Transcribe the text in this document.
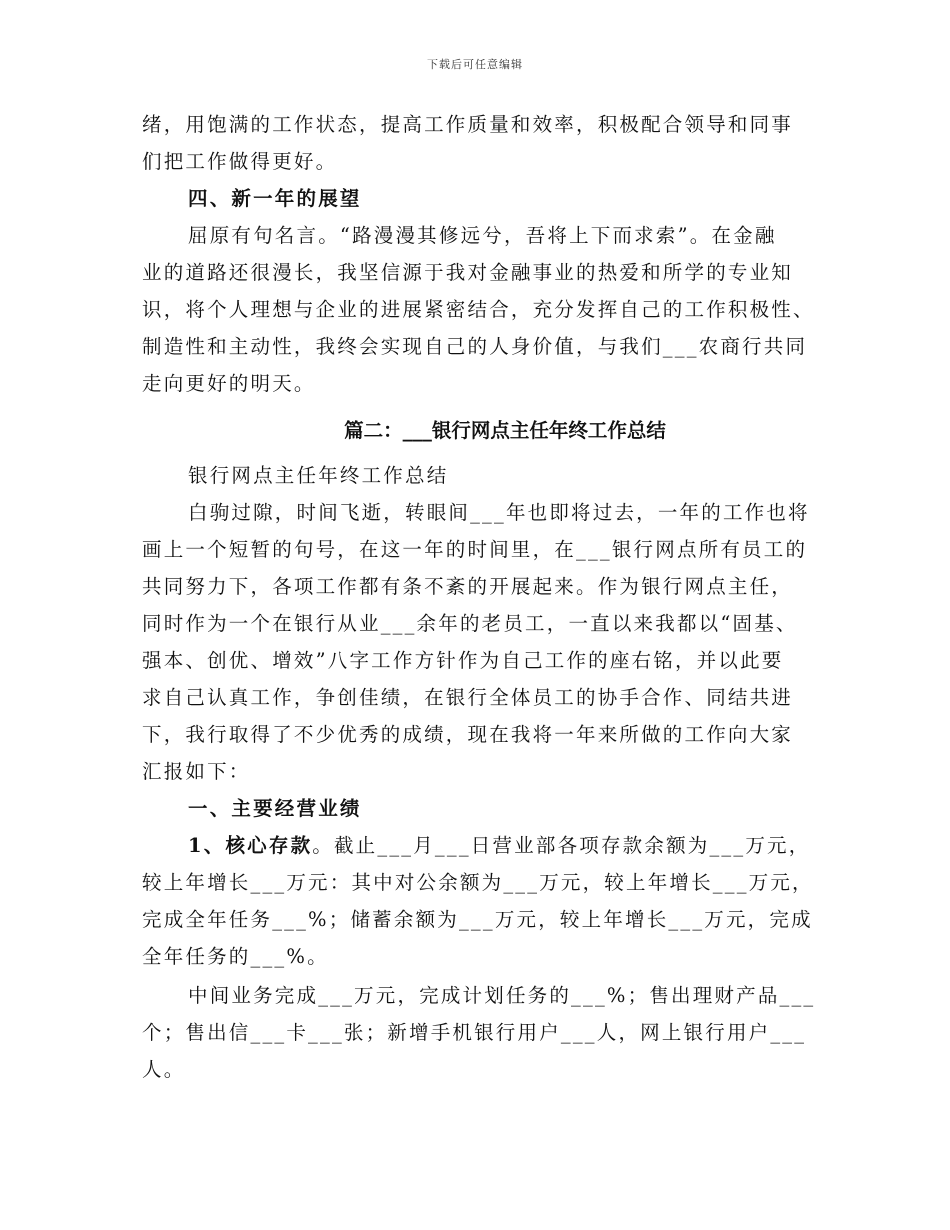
下载后可任意编辑
绪，用饱满的工作状态，提高工作质量和效率，积极配合领导和同事
们把工作做得更好。
四、新一年的展望
屈原有句名言。“路漫漫其修远兮，吾将上下而求索”。在金融
业的道路还很漫长，我坚信源于我对金融事业的热爱和所学的专业知
识，将个人理想与企业的进展紧密结合，充分发挥自己的工作积极性、
制造性和主动性，我终会实现自己的人身价值，与我们___农商行共同
走向更好的明天。
篇二：___银行网点主任年终工作总结
银行网点主任年终工作总结
白驹过隙，时间飞逝，转眼间___年也即将过去，一年的工作也将
画上一个短暂的句号，在这一年的时间里，在___银行网点所有员工的
共同努力下，各项工作都有条不紊的开展起来。作为银行网点主任，
同时作为一个在银行从业___余年的老员工，一直以来我都以“固基、
强本、创优、增效”八字工作方针作为自己工作的座右铭，并以此要
求自己认真工作，争创佳绩，在银行全体员工的协手合作、同结共进
下，我行取得了不少优秀的成绩，现在我将一年来所做的工作向大家
汇报如下：
一、主要经营业绩
1、核心存款。截止___月___日营业部各项存款余额为___万元，
较上年增长___万元：其中对公余额为___万元，较上年增长___万元，
完成全年任务___%；储蓄余额为___万元，较上年增长___万元，完成
全年任务的___%。
中间业务完成___万元，完成计划任务的___%；售出理财产品___
个；售出信___卡___张；新增手机银行用户___人，网上银行用户___
人。
